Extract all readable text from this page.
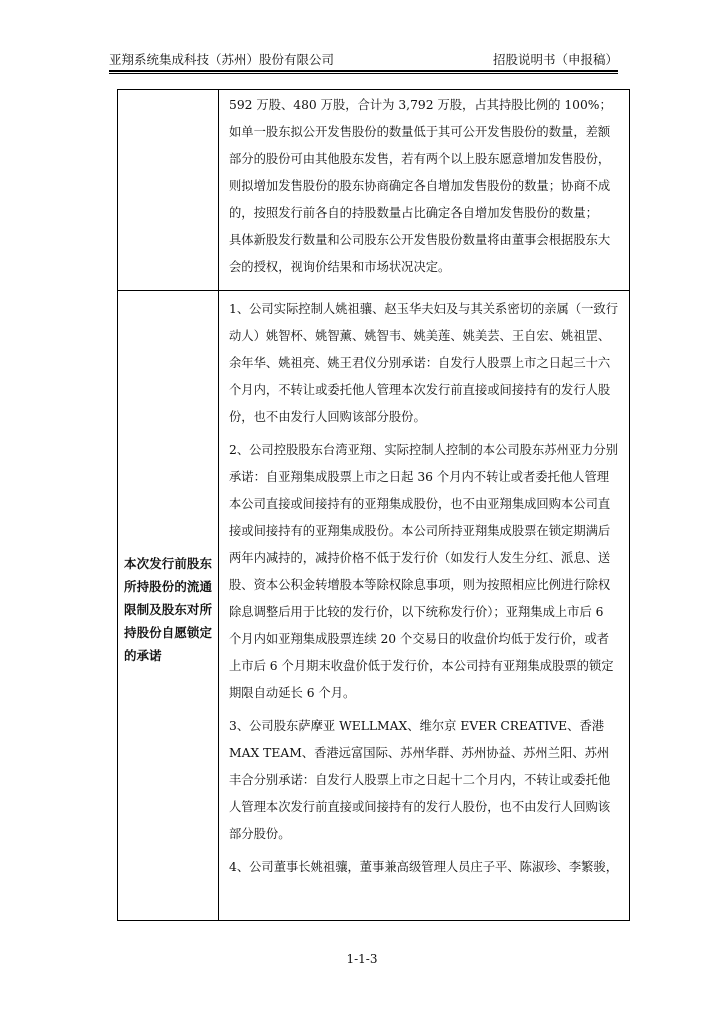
亚翔系统集成科技（苏州）股份有限公司	招股说明书（申报稿）

592 万股、480 万股，合计为 3,792 万股，占其持股比例的 100%；

如单一股东拟公开发售股份的数量低于其可公开发售股份的数量，差额部分的股份可由其他股东发售，若有两个以上股东愿意增加发售股份，则拟增加发售股份的股东协商确定各自增加发售股份的数量；协商不成的，按照发行前各自的持股数量占比确定各自增加发售股份的数量；

具体新股发行数量和公司股东公开发售股份数量将由董事会根据股东大会的授权，视询价结果和市场状况决定。

本次发行前股东所持股份的流通限制及股东对所持股份自愿锁定的承诺

1、公司实际控制人姚祖骧、赵玉华夫妇及与其关系密切的亲属（一致行动人）姚智杯、姚智薰、姚智韦、姚美莲、姚美芸、王自宏、姚祖罡、余年华、姚祖亮、姚王君仪分别承诺：自发行人股票上市之日起三十六个月内，不转让或委托他人管理本次发行前直接或间接持有的发行人股份，也不由发行人回购该部分股份。

2、公司控股股东台湾亚翔、实际控制人控制的本公司股东苏州亚力分别承诺：自亚翔集成股票上市之日起 36 个月内不转让或者委托他人管理本公司直接或间接持有的亚翔集成股份，也不由亚翔集成回购本公司直接或间接持有的亚翔集成股份。本公司所持亚翔集成股票在锁定期满后两年内减持的，减持价格不低于发行价（如发行人发生分红、派息、送股、资本公积金转增股本等除权除息事项，则为按照相应比例进行除权除息调整后用于比较的发行价，以下统称发行价）；亚翔集成上市后 6 个月内如亚翔集成股票连续 20 个交易日的收盘价均低于发行价，或者上市后 6 个月期末收盘价低于发行价，本公司持有亚翔集成股票的锁定期限自动延长 6 个月。

3、公司股东萨摩亚 WELLMAX、维尔京 EVER CREATIVE、香港 MAX TEAM、香港远富国际、苏州华群、苏州协益、苏州兰阳、苏州丰合分别承诺：自发行人股票上市之日起十二个月内，不转让或委托他人管理本次发行前直接或间接持有的发行人股份，也不由发行人回购该部分股份。

4、公司董事长姚祖骧，董事兼高级管理人员庄子平、陈淑珍、李繁骏，

1-1-3
